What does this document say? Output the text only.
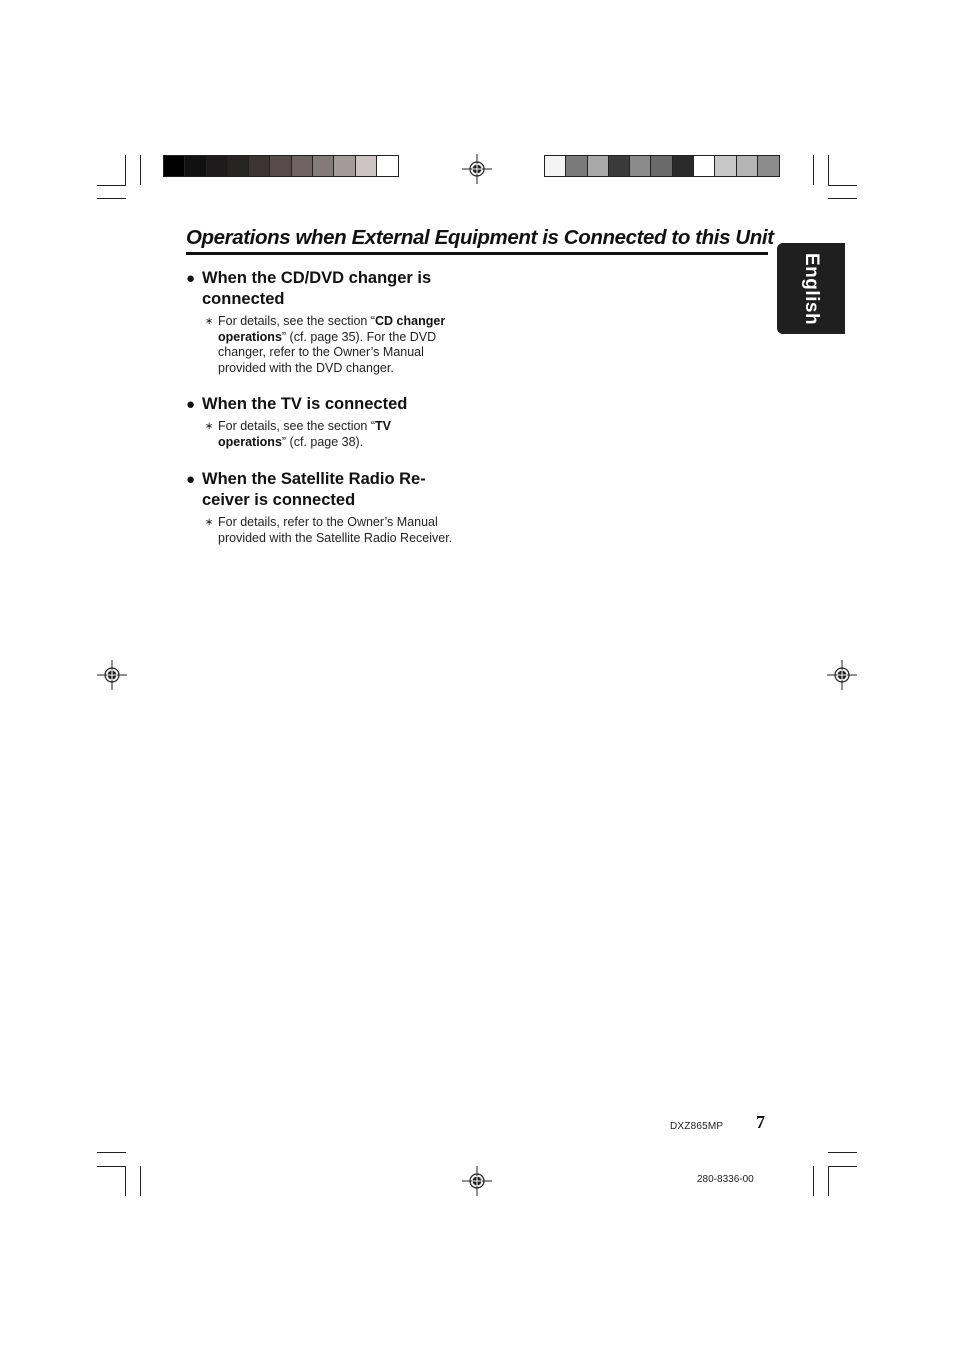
Operations when External Equipment is Connected to this Unit
English
● When the CD/DVD changer is connected
∗ For details, see the section “CD changer operations” (cf. page 35). For the DVD changer, refer to the Owner’s Manual provided with the DVD changer.
● When the TV is connected
∗ For details, see the section “TV operations” (cf. page 38).
● When the Satellite Radio Re-ceiver is connected
∗ For details, refer to the Owner’s Manual provided with the Satellite Radio Receiver.
DXZ865MP 7
280-8336-00
